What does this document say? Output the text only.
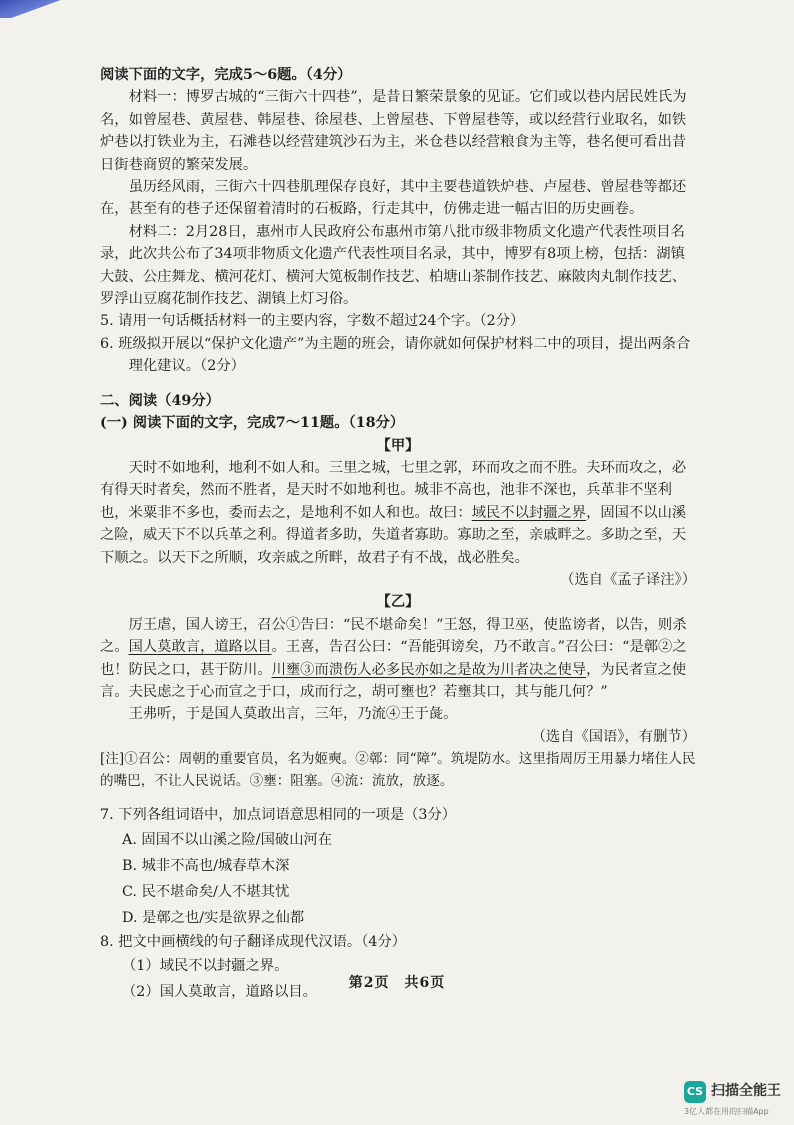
阅读下面的文字，完成5～6题。（4分）

材料一：博罗古城的“三街六十四巷”，是昔日繁荣景象的见证。它们或以巷内居民姓氏为名，如曾屋巷、黄屋巷、韩屋巷、徐屋巷、上曾屋巷、下曾屋巷等，或以经营行业取名，如铁炉巷以打铁业为主，石滩巷以经营建筑沙石为主，米仓巷以经营粮食为主等，巷名便可看出昔日街巷商贸的繁荣发展。

虽历经风雨，三街六十四巷肌理保存良好，其中主要巷道铁炉巷、卢屋巷、曾屋巷等都还在，甚至有的巷子还保留着清时的石板路，行走其中，仿佛走进一幅古旧的历史画卷。

材料二：2月28日，惠州市人民政府公布惠州市第八批市级非物质文化遗产代表性项目名录，此次共公布了34项非物质文化遗产代表性项目名录，其中，博罗有8项上榜，包括：湖镇大鼓、公庄舞龙、横河花灯、横河大笕板制作技艺、柏塘山茶制作技艺、麻陂肉丸制作技艺、罗浮山豆腐花制作技艺、湖镇上灯习俗。

5. 请用一句话概括材料一的主要内容，字数不超过24个字。（2分）

6. 班级拟开展以“保护文化遗产”为主题的班会，请你就如何保护材料二中的项目，提出两条合理化建议。（2分）

二、阅读（49分）

(一) 阅读下面的文字，完成7～11题。（18分）

【甲】

天时不如地利，地利不如人和。三里之城，七里之郭，环而攻之而不胜。夫环而攻之，必有得天时者矣，然而不胜者，是天时不如地利也。城非不高也，池非不深也，兵革非不坚利也，米粟非不多也，委而去之，是地利不如人和也。故曰：域民不以封疆之界，固国不以山溪之险，威天下不以兵革之利。得道者多助，失道者寡助。寡助之至，亲戚畔之。多助之至，天下顺之。以天下之所顺，攻亲戚之所畔，故君子有不战，战必胜矣。

（选自《孟子译注》）

【乙】

厉王虐，国人谤王，召公①告曰：“民不堪命矣！”王怒，得卫巫，使监谤者，以告，则杀之。国人莫敢言，道路以目。王喜，告召公曰：“吾能弭谤矣，乃不敢言。”召公曰：“是鄣②之也！防民之口，甚于防川。川壅③而溃伤人必多民亦如之是故为川者决之使导，为民者宣之使言。夫民虑之于心而宣之于口，成而行之，胡可壅也？若壅其口，其与能几何？”

王弗听，于是国人莫敢出言，三年，乃流④王于彘。

（选自《国语》，有删节）

[注]①召公：周朝的重要官员，名为姬奭。②鄣：同“障”。筑堤防水。这里指周厉王用暴力堵住人民的嘴巴，不让人民说话。③壅：阻塞。④流：流放，放逐。

7. 下列各组词语中，加点词语意思相同的一项是（3分）

A. 固国不以山溪之险/国破山河在

B. 城非不高也/城春草木深

C. 民不堪命矣/人不堪其忧

D. 是鄣之也/实是欲界之仙都

8. 把文中画横线的句子翻译成现代汉语。（4分）

（1）域民不以封疆之界。

（2）国人莫敢言，道路以目。

第2页　共6页
CS 扫描全能王
3亿人都在用的扫描App
